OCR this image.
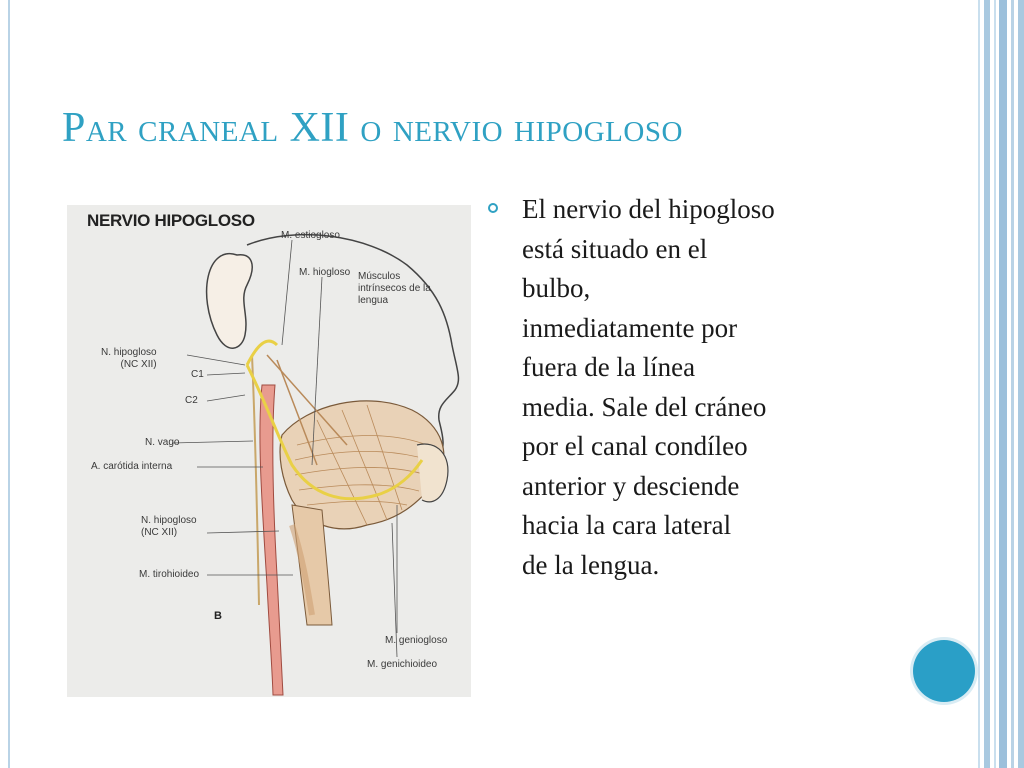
Par craneal XII o nervio hipogloso
NERVIO HIPOGLOSO
M. estiogloso
M. hiogloso Músculos
intrínsecos de la
lengua
N. hipogloso
(NC XII)
C1
C2
N. vago
A. carótida interna
N. hipogloso
(NC XII)
M. tirohioideo
M. geniogloso
M. genichioideo
B
El nervio del hipogloso
está situado en el
bulbo,
inmediatamente por
fuera de la línea
media. Sale del cráneo
por el canal condíleo
anterior y desciende
hacia la cara lateral
de la lengua.
